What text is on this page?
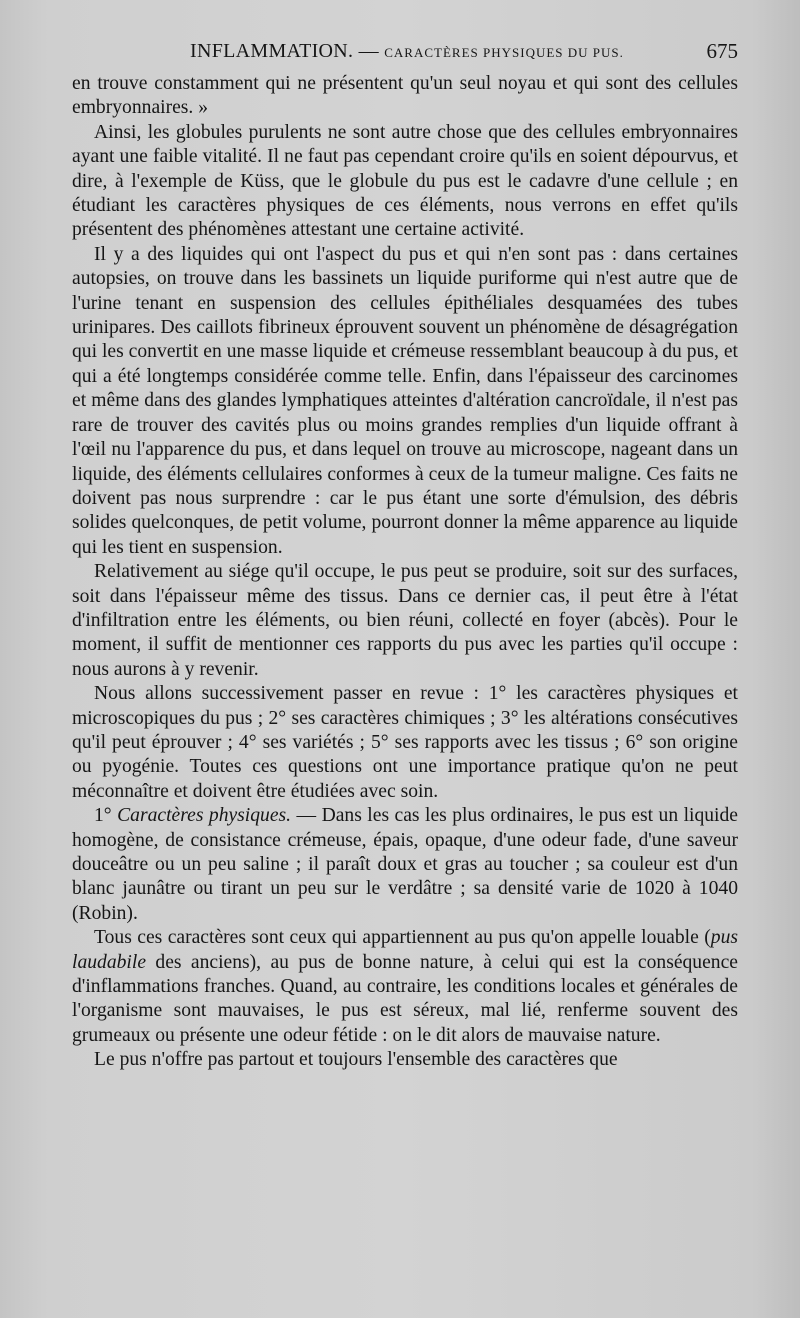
INFLAMMATION. — CARACTÈRES PHYSIQUES DU PUS.	675

en trouve constamment qui ne présentent qu'un seul noyau et qui sont des cellules embryonnaires. »

Ainsi, les globules purulents ne sont autre chose que des cellules embryonnaires ayant une faible vitalité. Il ne faut pas cependant croire qu'ils en soient dépourvus, et dire, à l'exemple de Küss, que le globule du pus est le cadavre d'une cellule ; en étudiant les caractères physiques de ces éléments, nous verrons en effet qu'ils présentent des phénomènes attestant une certaine activité.

Il y a des liquides qui ont l'aspect du pus et qui n'en sont pas : dans certaines autopsies, on trouve dans les bassinets un liquide puriforme qui n'est autre que de l'urine tenant en suspension des cellules épithéliales desquamées des tubes urinipares. Des caillots fibrineux éprouvent souvent un phénomène de désagrégation qui les convertit en une masse liquide et crémeuse ressemblant beaucoup à du pus, et qui a été longtemps considérée comme telle. Enfin, dans l'épaisseur des carcinomes et même dans des glandes lymphatiques atteintes d'altération cancroïdale, il n'est pas rare de trouver des cavités plus ou moins grandes remplies d'un liquide offrant à l'œil nu l'apparence du pus, et dans lequel on trouve au microscope, nageant dans un liquide, des éléments cellulaires conformes à ceux de la tumeur maligne. Ces faits ne doivent pas nous surprendre : car le pus étant une sorte d'émulsion, des débris solides quelconques, de petit volume, pourront donner la même apparence au liquide qui les tient en suspension.

Relativement au siége qu'il occupe, le pus peut se produire, soit sur des surfaces, soit dans l'épaisseur même des tissus. Dans ce dernier cas, il peut être à l'état d'infiltration entre les éléments, ou bien réuni, collecté en foyer (abcès). Pour le moment, il suffit de mentionner ces rapports du pus avec les parties qu'il occupe : nous aurons à y revenir.

Nous allons successivement passer en revue : 1° les caractères physiques et microscopiques du pus ; 2° ses caractères chimiques ; 3° les altérations consécutives qu'il peut éprouver ; 4° ses variétés ; 5° ses rapports avec les tissus ; 6° son origine ou pyogénie. Toutes ces questions ont une importance pratique qu'on ne peut méconnaître et doivent être étudiées avec soin.

1° Caractères physiques. — Dans les cas les plus ordinaires, le pus est un liquide homogène, de consistance crémeuse, épais, opaque, d'une odeur fade, d'une saveur douceâtre ou un peu saline ; il paraît doux et gras au toucher ; sa couleur est d'un blanc jaunâtre ou tirant un peu sur le verdâtre ; sa densité varie de 1020 à 1040 (Robin).

Tous ces caractères sont ceux qui appartiennent au pus qu'on appelle louable (pus laudabile des anciens), au pus de bonne nature, à celui qui est la conséquence d'inflammations franches. Quand, au contraire, les conditions locales et générales de l'organisme sont mauvaises, le pus est séreux, mal lié, renferme souvent des grumeaux ou présente une odeur fétide : on le dit alors de mauvaise nature.

Le pus n'offre pas partout et toujours l'ensemble des caractères que
